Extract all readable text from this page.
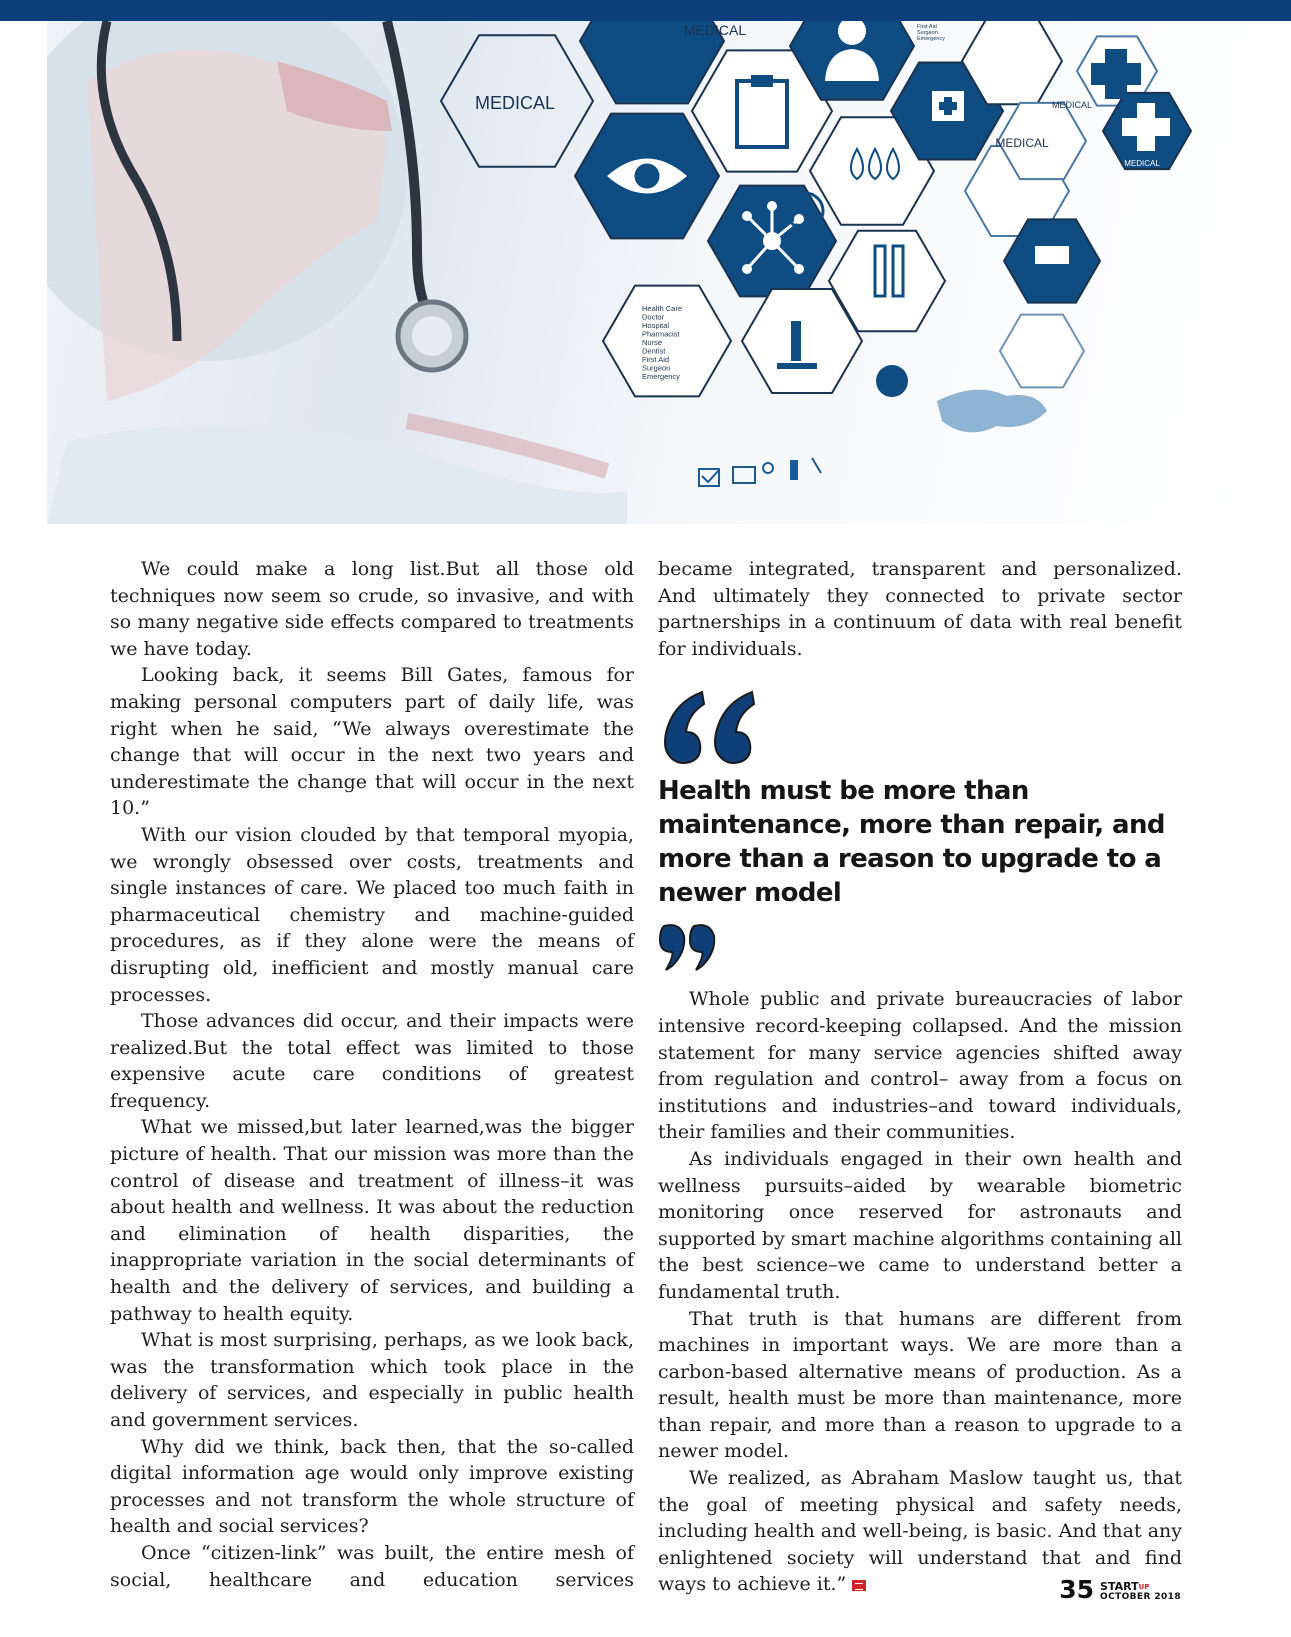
MEDICAL
MEDICAL
MEDICAL
MEDICAL
MEDICAL
Health Care
Doctor
Hospital
Pharmacist
Nurse
Dentist
First Aid
Surgeon
Emergency
First Aid
Surgeon
Emergency

We could make a long list.But all those old techniques now seem so crude, so invasive, and with so many negative side effects compared to treatments we have today.

Looking back, it seems Bill Gates, famous for making personal computers part of daily life, was right when he said, “We always overestimate the change that will occur in the next two years and underestimate the change that will occur in the next 10.”

With our vision clouded by that temporal myopia, we wrongly obsessed over costs, treatments and single instances of care. We placed too much faith in pharmaceutical chemistry and machine-guided procedures, as if they alone were the means of disrupting old, inefficient and mostly manual care processes.

Those advances did occur, and their impacts were realized.But the total effect was limited to those expensive acute care conditions of greatest frequency.

What we missed,but later learned,was the bigger picture of health. That our mission was more than the control of disease and treatment of illness–it was about health and wellness. It was about the reduction and elimination of health disparities, the inappropriate variation in the social determinants of health and the delivery of services, and building a pathway to health equity.

What is most surprising, perhaps, as we look back, was the transformation which took place in the delivery of services, and especially in public health and government services.

Why did we think, back then, that the so-called digital information age would only improve existing processes and not transform the whole structure of health and social services?

Once “citizen-link” was built, the entire mesh of social, healthcare and education services

became integrated, transparent and personalized. And ultimately they connected to private sector partnerships in a continuum of data with real benefit for individuals.

Health must be more than maintenance, more than repair, and more than a reason to upgrade to a newer model

Whole public and private bureaucracies of labor intensive record-keeping collapsed. And the mission statement for many service agencies shifted away from regulation and control– away from a focus on institutions and industries–and toward individuals, their families and their communities.

As individuals engaged in their own health and wellness pursuits–aided by wearable biometric monitoring once reserved for astronauts and supported by smart machine algorithms containing all the best science–we came to understand better a fundamental truth.

That truth is that humans are different from machines in important ways. We are more than a carbon-based alternative means of production. As a result, health must be more than maintenance, more than repair, and more than a reason to upgrade to a newer model.

We realized, as Abraham Maslow taught us, that the goal of meeting physical and safety needs, including health and well-being, is basic. And that any enlightened society will understand that and find ways to achieve it.”	35 $START^{UP}$
OCTOBER 2018
